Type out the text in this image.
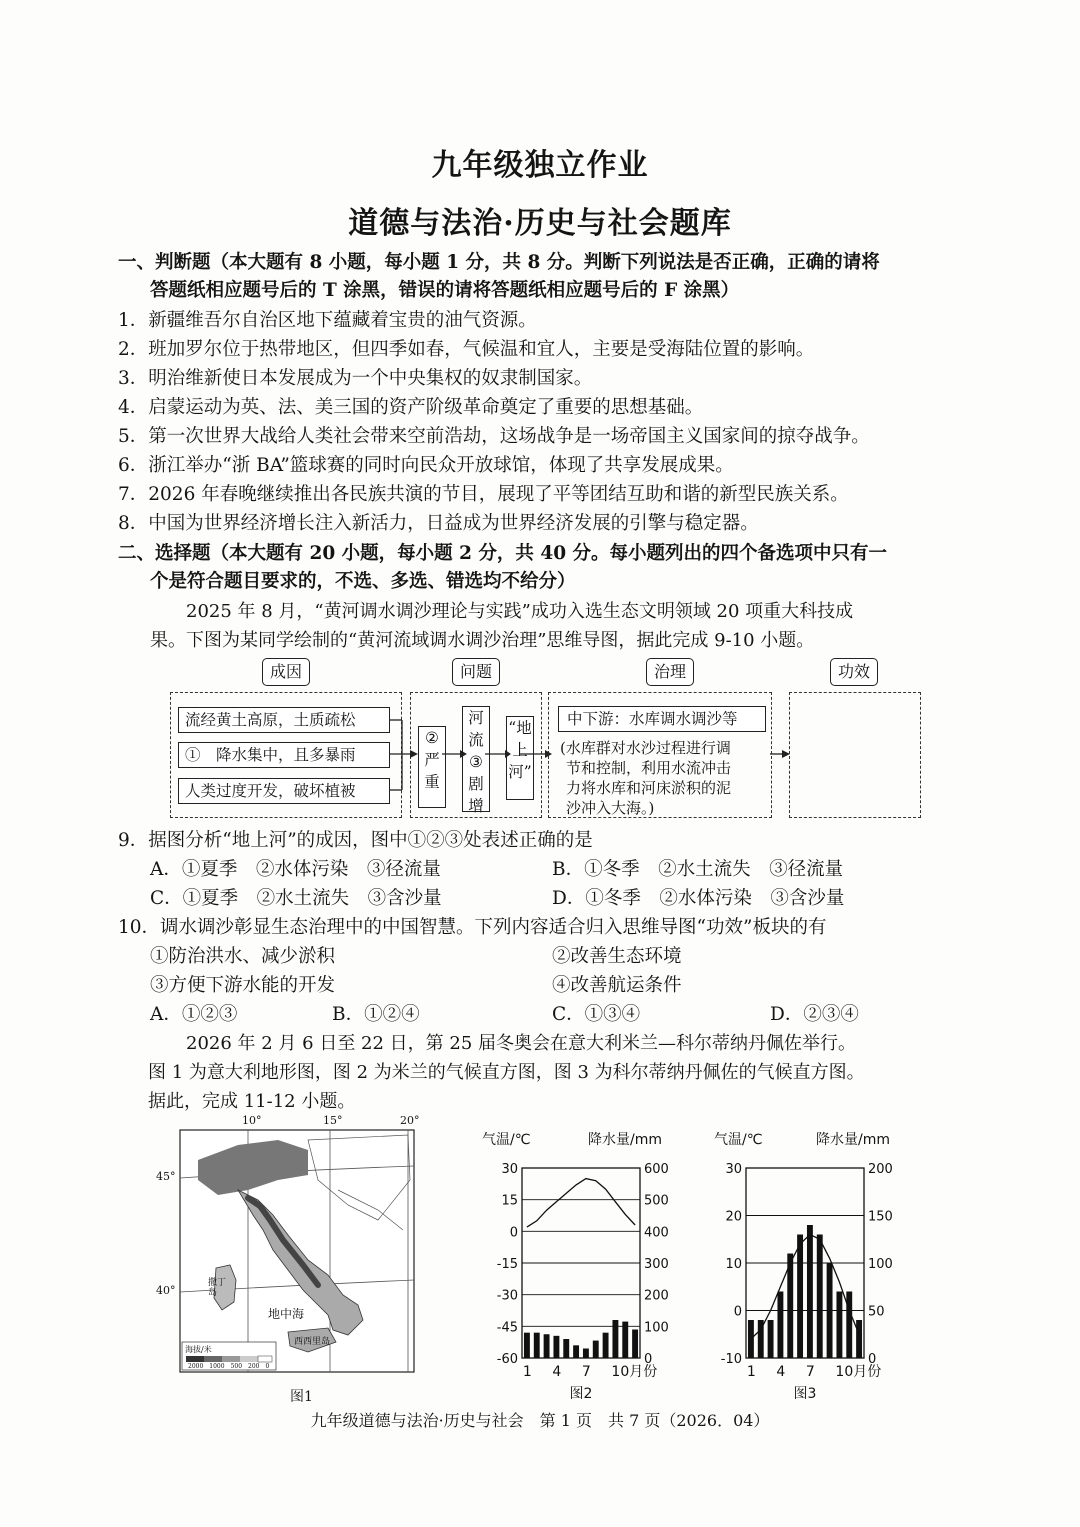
九年级独立作业
道德与法治·历史与社会题库
一、判断题（本大题有 8 小题，每小题 1 分，共 8 分。判断下列说法是否正确，正确的请将
答题纸相应题号后的 T 涂黑，错误的请将答题纸相应题号后的 F 涂黑）
1．新疆维吾尔自治区地下蕴藏着宝贵的油气资源。
2．班加罗尔位于热带地区，但四季如春，气候温和宜人，主要是受海陆位置的影响。
3．明治维新使日本发展成为一个中央集权的奴隶制国家。
4．启蒙运动为英、法、美三国的资产阶级革命奠定了重要的思想基础。
5．第一次世界大战给人类社会带来空前浩劫，这场战争是一场帝国主义国家间的掠夺战争。
6．浙江举办“浙 BA”篮球赛的同时向民众开放球馆，体现了共享发展成果。
7．2026 年春晚继续推出各民族共演的节目，展现了平等团结互助和谐的新型民族关系。
8．中国为世界经济增长注入新活力，日益成为世界经济发展的引擎与稳定器。
二、选择题（本大题有 20 小题，每小题 2 分，共 40 分。每小题列出的四个备选项中只有一
个是符合题目要求的，不选、多选、错选均不给分）
2025 年 8 月，“黄河调水调沙理论与实践”成功入选生态文明领域 20 项重大科技成
果。下图为某同学绘制的“黄河流域调水调沙治理”思维导图，据此完成 9-10 小题。
成因	问题	治理	功效
流经黄土高原，土质疏松
①　降水集中，且多暴雨
人类过度开发，破坏植被
②
严
重
河
流
③
剧
增
“地
上
河”
中下游：水库调水调沙等
(水库群对水沙过程进行调
节和控制，利用水流冲击
力将水库和河床淤积的泥
沙冲入大海。)
9．据图分析“地上河”的成因，图中①②③处表述正确的是
A．①夏季　②水体污染　③径流量	B．①冬季　②水土流失　③径流量
C．①夏季　②水土流失　③含沙量	D．①冬季　②水体污染　③含沙量
10．调水调沙彰显生态治理中的中国智慧。下列内容适合归入思维导图“功效”板块的有
①防治洪水、减少淤积	②改善生态环境
③方便下游水能的开发	④改善航运条件
A．①②③	B．①②④	C．①③④	D．②③④
2026 年 2 月 6 日至 22 日，第 25 届冬奥会在意大利米兰—科尔蒂纳丹佩佐举行。
图 1 为意大利地形图，图 2 为米兰的气候直方图，图 3 为科尔蒂纳丹佩佐的气候直方图。
据此，完成 11-12 小题。
10°	15°	20°
45°
40°
地中海
撒丁岛
西西里岛
海拔/米
2000 1000 500 200 0
图1
气温/℃	降水量/mm
30
15
0
-15
-30
-45
-60
600
500
400
300
200
100
0
1 4 7 10月份
图2
气温/℃	降水量/mm
30
20
10
0
-10
200
150
100
50
0
1 4 7 10月份
图3
九年级道德与法治·历史与社会　第 1 页　共 7 页（2026．04）
